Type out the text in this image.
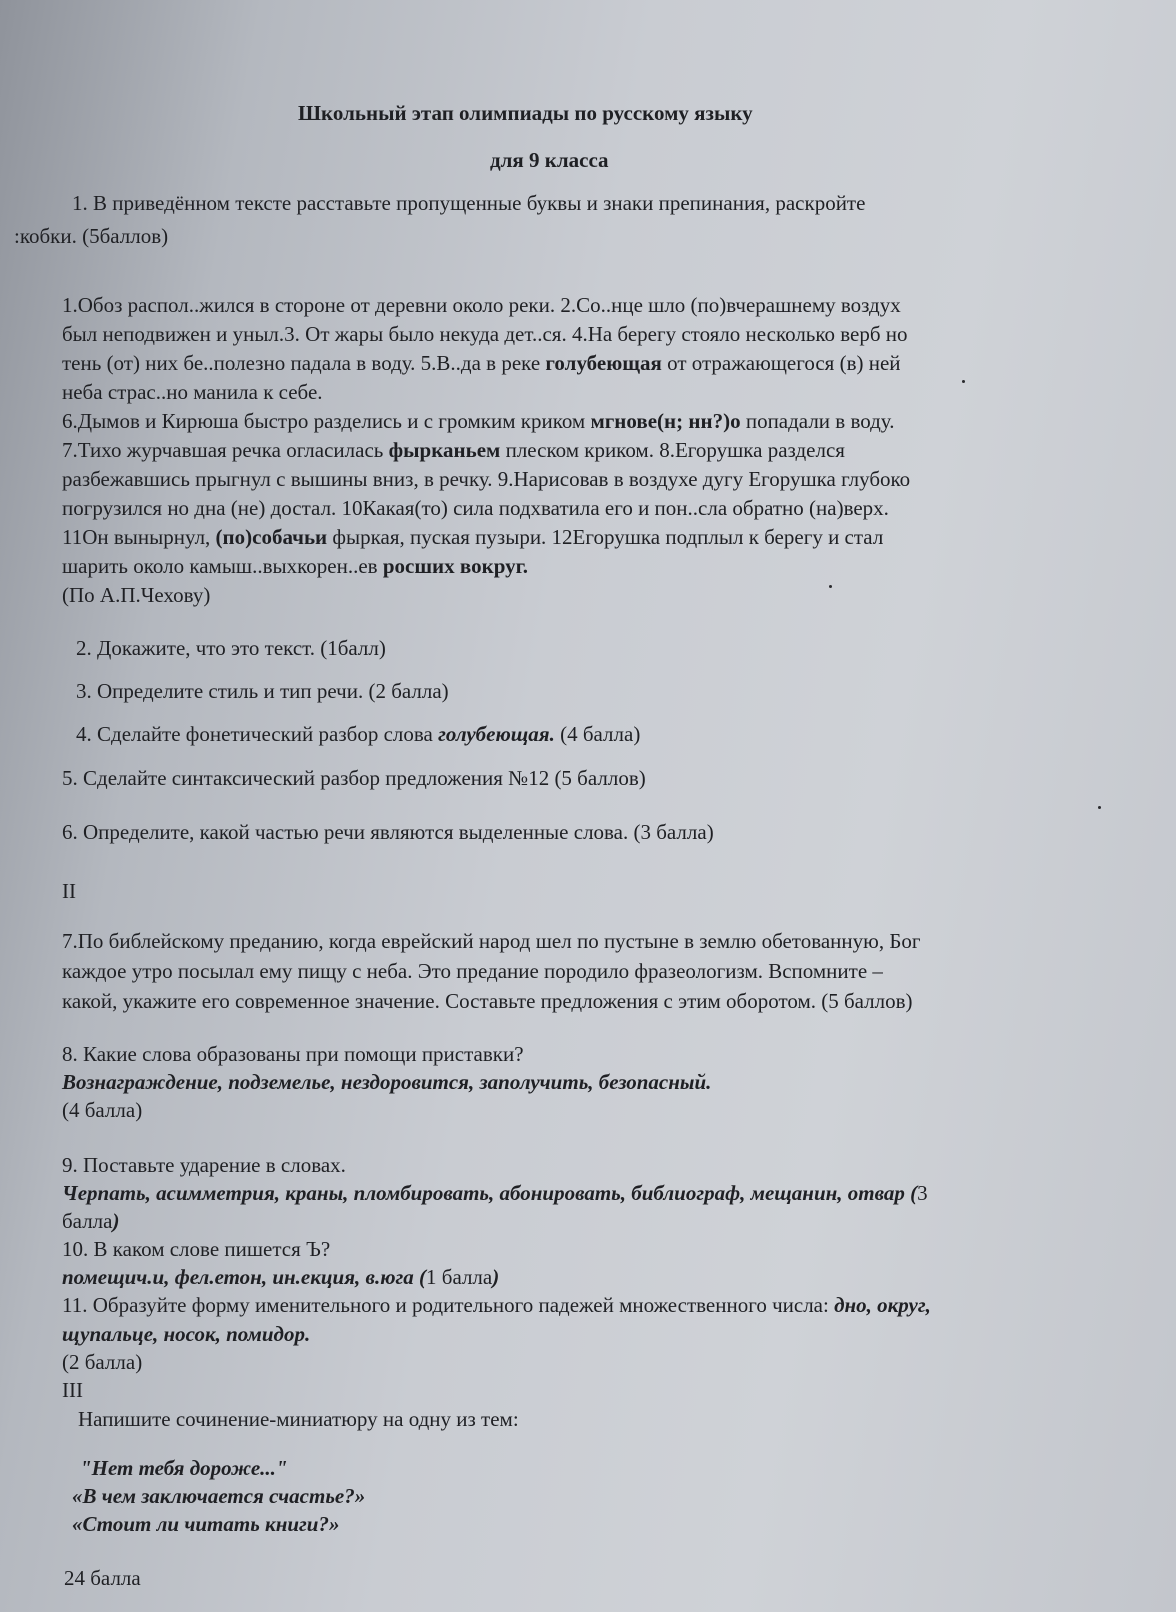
Школьный этап олимпиады по русскому языку
для 9 класса
1. В приведённом тексте расставьте пропущенные буквы и знаки препинания, раскройте
:кобки. (5баллов)
1.Обоз распол..жился в стороне от деревни около реки. 2.Со..нце шло (по)вчерашнему воздух
был неподвижен и уныл.3. От жары было некуда дет..ся. 4.На берегу стояло несколько верб но
тень (от) них бе..полезно падала в воду. 5.В..да в реке голубеющая от отражающегося (в) ней
неба страс..но манила к себе.
6.Дымов и Кирюша быстро разделись и с громким криком мгнове(н; нн?)о попадали в воду.
7.Тихо журчавшая речка огласилась фырканьем плеском криком. 8.Егорушка разделся
разбежавшись прыгнул с вышины вниз, в речку. 9.Нарисовав в воздухе дугу Егорушка глубоко
погрузился но дна (не) достал. 10Какая(то) сила подхватила его и пон..сла обратно (на)верх.
11Он вынырнул, (по)собачьи фыркая, пуская пузыри. 12Егорушка подплыл к берегу и стал
шарить около камыш..выхкорен..ев росших вокруг.
(По А.П.Чехову)
2. Докажите, что это текст. (1балл)
3. Определите стиль и тип речи. (2 балла)
4. Сделайте фонетический разбор слова голубеющая. (4 балла)
5. Сделайте синтаксический разбор предложения №12 (5 баллов)
6. Определите, какой частью речи являются выделенные слова. (3 балла)
II
7.По библейскому преданию, когда еврейский народ шел по пустыне в землю обетованную, Бог
каждое утро посылал ему пищу с неба. Это предание породило фразеологизм. Вспомните –
какой, укажите его современное значение. Составьте предложения с этим оборотом. (5 баллов)
8. Какие слова образованы при помощи приставки?
Вознаграждение, подземелье, нездоровится, заполучить, безопасный.
(4 балла)
9. Поставьте ударение в словах.
Черпать, асимметрия, краны, пломбировать, абонировать, библиограф, мещанин, отвар (3
балла)
10. В каком слове пишется Ъ?
помещич.и, фел.етон, ин.екция, в.юга (1 балла)
11. Образуйте форму именительного и родительного падежей множественного числа: дно, округ,
щупальце, носок, помидор.
(2 балла)
III
Напишите сочинение-миниатюру на одну из тем:
"Нет тебя дороже..."
«В чем заключается счастье?»
«Стоит ли читать книги?»
24 балла
